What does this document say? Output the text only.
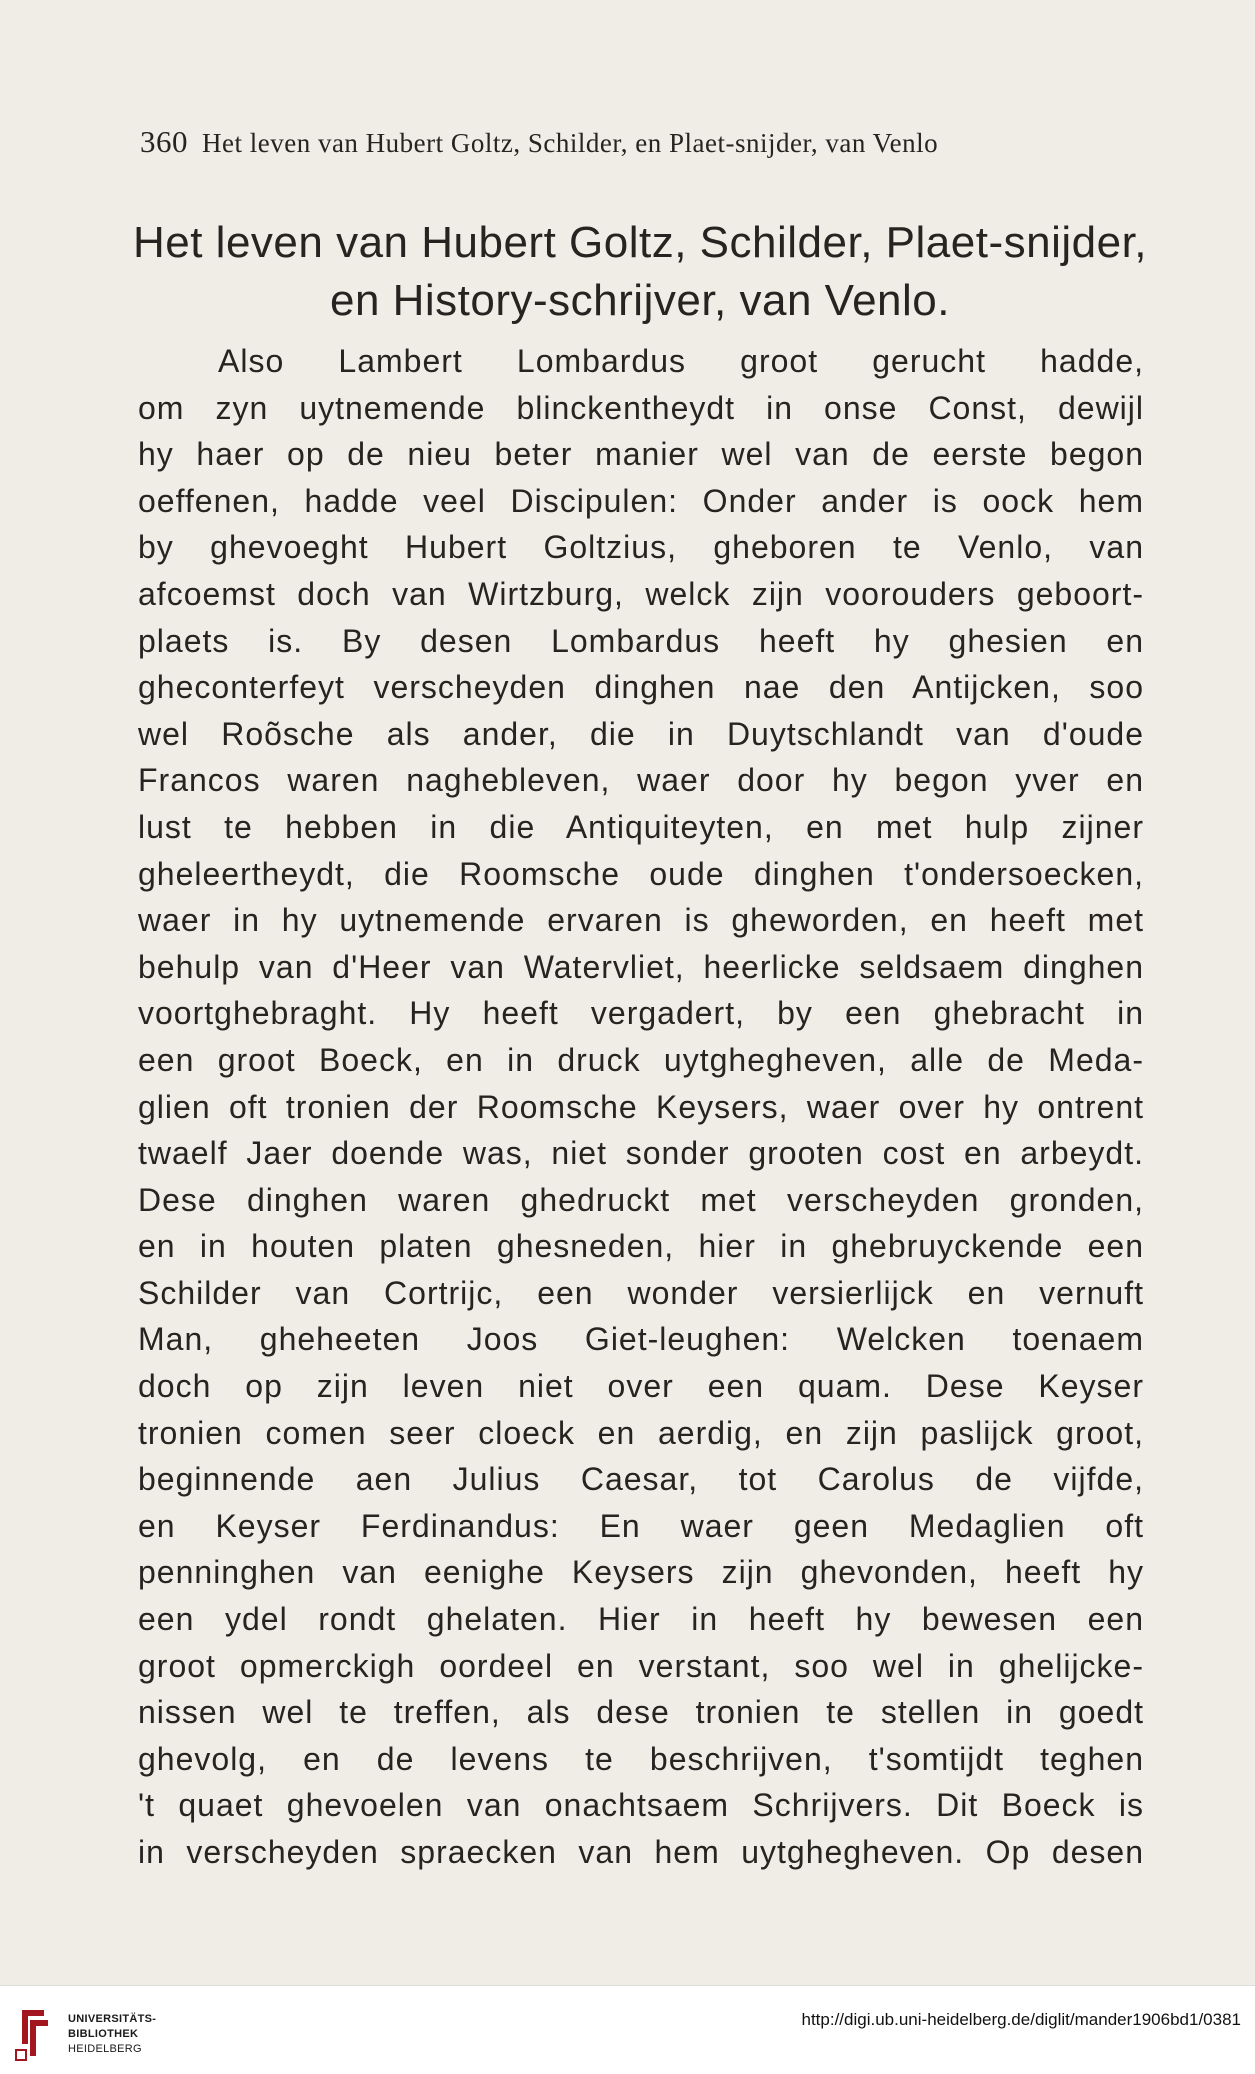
360 Het leven van Hubert Goltz, Schilder, en Plaet-snijder, van Venlo
Het leven van Hubert Goltz, Schilder, Plaet-snijder,
en History-schrijver, van Venlo.
Also Lambert Lombardus groot gerucht hadde,
om zyn uytnemende blinckentheydt in onse Const, dewijl
hy haer op de nieu beter manier wel van de eerste begon
oeffenen, hadde veel Discipulen: Onder ander is oock hem
by ghevoeght Hubert Goltzius, gheboren te Venlo, van
afcoemst doch van Wirtzburg, welck zijn voorouders geboort-
plaets is. By desen Lombardus heeft hy ghesien en
gheconterfeyt verscheyden dinghen nae den Antijcken, soo
wel Roõsche als ander, die in Duytschlandt van d'oude
Francos waren naghebleven, waer door hy begon yver en
lust te hebben in die Antiquiteyten, en met hulp zijner
gheleertheydt, die Roomsche oude dinghen t'ondersoecken,
waer in hy uytnemende ervaren is gheworden, en heeft met
behulp van d'Heer van Watervliet, heerlicke seldsaem dinghen
voortghebraght. Hy heeft vergadert, by een ghebracht in
een groot Boeck, en in druck uytghegheven, alle de Meda-
glien oft tronien der Roomsche Keysers, waer over hy ontrent
twaelf Jaer doende was, niet sonder grooten cost en arbeydt.
Dese dinghen waren ghedruckt met verscheyden gronden,
en in houten platen ghesneden, hier in ghebruyckende een
Schilder van Cortrijc, een wonder versierlijck en vernuft
Man, gheheeten Joos Giet-leughen: Welcken toenaem
doch op zijn leven niet over een quam. Dese Keyser
tronien comen seer cloeck en aerdig, en zijn paslijck groot,
beginnende aen Julius Caesar, tot Carolus de vijfde,
en Keyser Ferdinandus: En waer geen Medaglien oft
penninghen van eenighe Keysers zijn ghevonden, heeft hy
een ydel rondt ghelaten. Hier in heeft hy bewesen een
groot opmerckigh oordeel en verstant, soo wel in ghelijcke-
nissen wel te treffen, als dese tronien te stellen in goedt
ghevolg, en de levens te beschrijven, t'somtijdt teghen
't quaet ghevoelen van onachtsaem Schrijvers. Dit Boeck is
in verscheyden spraecken van hem uytghegheven. Op desen
UNIVERSITÄTS-
BIBLIOTHEK
HEIDELBERG
http://digi.ub.uni-heidelberg.de/diglit/mander1906bd1/0381
